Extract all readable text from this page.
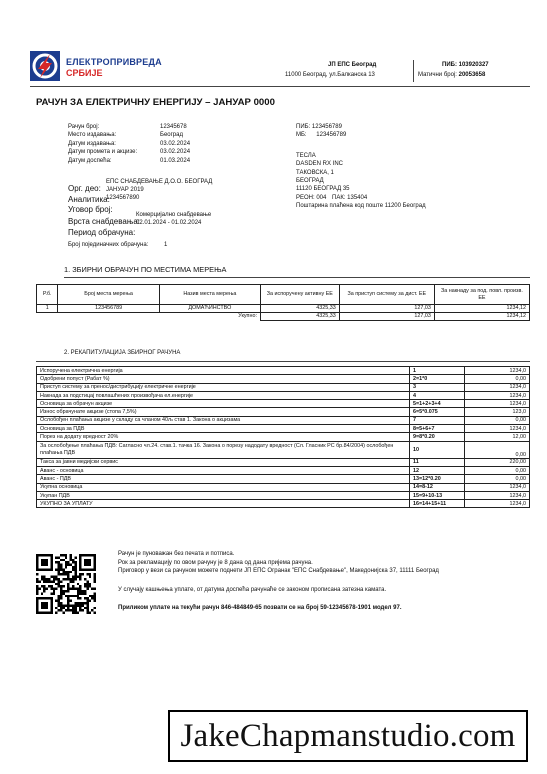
ЕЛЕКТРОПРИВРЕДА
СРБИЈЕ
ЈП ЕПС Београд
11000 Београд, ул.Балканска 13
ПИБ: 103920327
Матични број: 20053658
РАЧУН ЗА ЕЛЕКТРИЧНУ ЕНЕРГИЈУ – ЈАНУАР 0000
Рачун број:	12345678
Место издавања:	Београд
Датум издавања:	03.02.2024
Датум промета и акцизе:	03.02.2024
Датум доспећа:	01.03.2024
ПИБ: 123456789
МБ: 123456789
ТЕСЛА
DASDEN RX INC
ТАКОВСКА, 1
БЕОГРАД
11120 БЕОГРАД 35
РЕОН: 004 ПАК: 135404
Поштарина плаћена код поште 11200 Београд
Орг. део:
ЕПС СНАБДЕВАЊЕ Д.О.О. БЕОГРАД
Аналитика:
ЈАНУАР 2019
Уговор број:
1234567890
Врста снабдевања:
Комерцијално снабдевање
Период обрачуна:
02.01.2024 - 01.02.2024
Број појединачних обрачуна:	1
1. ЗБИРНИ ОБРАЧУН ПО МЕСТИМА МЕРЕЊА
Р.б.	Број места мерења	Назив места мерења	За испоручену активну ЕЕ	За приступ систему за дист. ЕЕ	За накнаду за под. повл. произв. ЕЕ
1	123456789	ДОМАЋИНСТВО	4325,33	127,03	1234,12
Укупно:			4325,33	127,03	1234,12
2. РЕКАПИТУЛАЦИЈА ЗБИРНОГ РАЧУНА
Испоручена електрична енергија	1	1234,0
Одобрени попуст (Рабат %)	2=1*0	0,00
Приступ систему за пренос/дистрибуцију електричне енергије	3	1234,0
Накнада за подстицај повлашћених произвођача ел.енергије	4	1234,0
Основица за обрачун акцизе	5=1+2+3+4	1234,0
Износ обрачунате акцизе (стопа 7,5%)	6=5*0.075	123,0
Ослобођен плаћања акцизе у складу са чланом 40љ став 1. Закона о акцизама	7	0,00
Основица за ПДВ	8=5+6+7	1234,0
Порез на додату вредност 20%	9=8*0.20	12,00
За ослобођење плаћања ПДВ: Сагласно чл.24. став.1. тачка 16. Закона о порезу надодату вредност (Сл. Гласник РС бр.84/2004) ослобођен плаћања ПДВ	10	0,00
Такса за јавни медијски сервис	11	220,00
Аванс - основица	12	0,00
Аванс - ПДВ	13=12*0.20	0,00
Укупна основица	14=8-12	1234,0
Укупан ПДВ	15=9+10-13	1234,0
УКУПНО ЗА УПЛАТУ	16=14+15+11	1234,0
Рачун је пуноважан без печата и потписа.
Рок за рекламацију по овом рачуну је 8 дана од дана пријема рачуна.
Приговор у вези са рачуном можете поднети ЈП ЕПС Огранак "ЕПС Снабдевање", Македонијска 37, 11111 Београд
У случају кашњења уплате, от датума доспећа рачунаће се законом прописана затезна камата.
Приликом уплате на текући рачун 846-484849-65 позвати се на број 59-12345678-1901 модел 97.
JakeChapmanstudio.com
